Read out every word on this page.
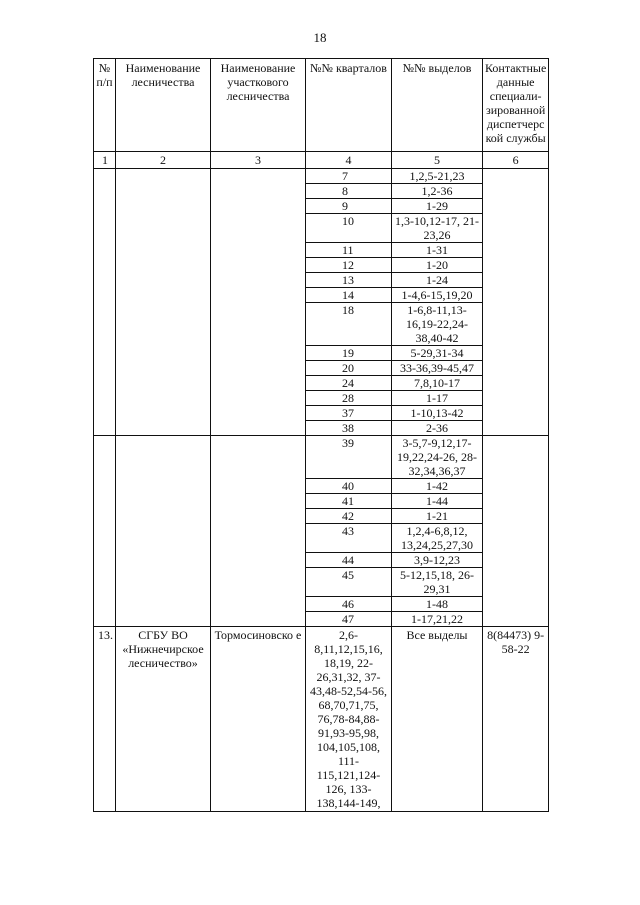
18
№ п/п	Наименование лесничества	Наименование участкового лесничества	№№ кварталов	№№ выделов	Контактные данные специали-зированной диспетчерс кой службы
1	2	3	4	5	6
			7	1,2,5-21,23	
			8	1,2-36	
			9	1-29	
			10	1,3-10,12-17, 21-23,26	
			11	1-31	
			12	1-20	
			13	1-24	
			14	1-4,6-15,19,20	
			18	1-6,8-11,13-16,19-22,24-38,40-42	
			19	5-29,31-34	
			20	33-36,39-45,47	
			24	7,8,10-17	
			28	1-17	
			37	1-10,13-42	
			38	2-36	
			39	3-5,7-9,12,17-19,22,24-26, 28-32,34,36,37	
			40	1-42	
			41	1-44	
			42	1-21	
			43	1,2,4-6,8,12, 13,24,25,27,30	
			44	3,9-12,23	
			45	5-12,15,18, 26-29,31	
			46	1-48	
			47	1-17,21,22	
13.	СГБУ ВО «Нижнечирское лесничество»	Тормосиновско е	2,6-8,11,12,15,16, 18,19, 22-26,31,32, 37-43,48-52,54-56, 68,70,71,75, 76,78-84,88-91,93-95,98, 104,105,108, 111-115,121,124-126, 133-138,144-149,	Все выделы	8(84473) 9-58-22
